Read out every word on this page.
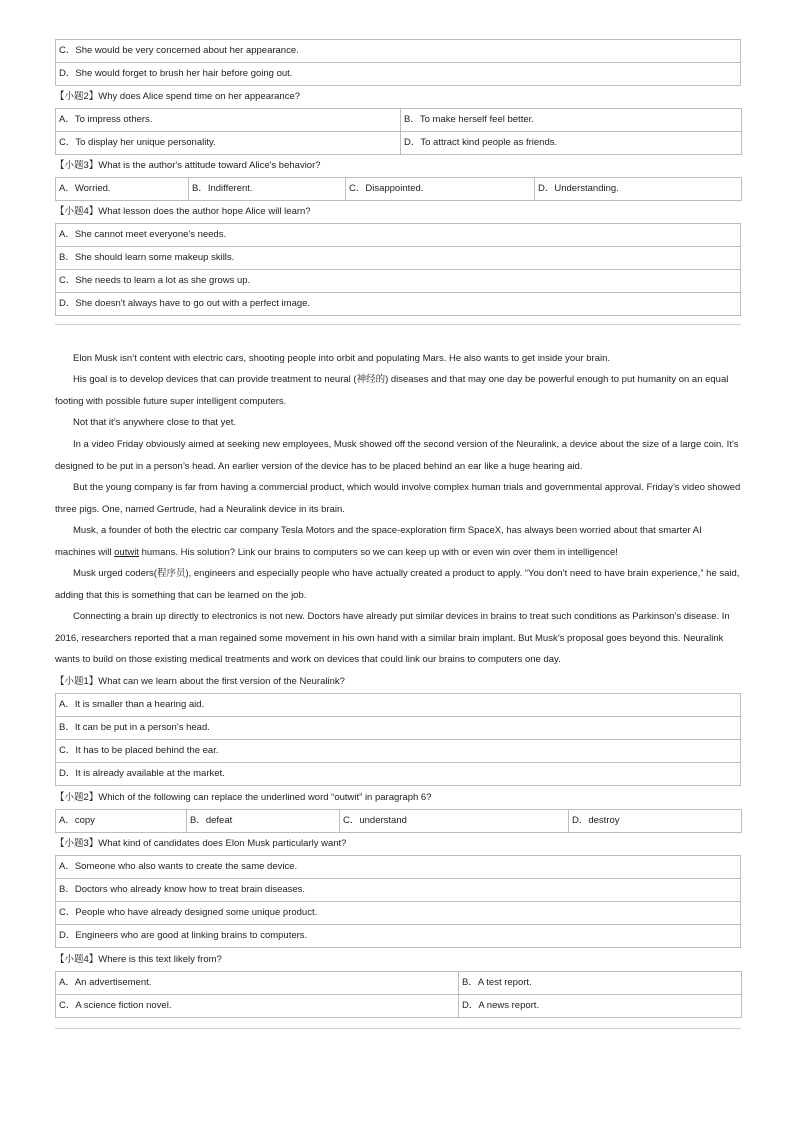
C．She would be very concerned about her appearance.
D．She would forget to brush her hair before going out.
【小题2】Why does Alice spend time on her appearance?
A．To impress others.	B．To make herself feel better.
C．To display her unique personality.	D．To attract kind people as friends.
【小题3】What is the author's attitude toward Alice's behavior?
A．Worried.	B．Indifferent.	C．Disappointed.	D．Understanding.
【小题4】What lesson does the author hope Alice will learn?
A．She cannot meet everyone's needs.
B．She should learn some makeup skills.
C．She needs to learn a lot as she grows up.
D．She doesn't always have to go out with a perfect image.

Elon Musk isn’t content with electric cars, shooting people into orbit and populating Mars. He also wants to get inside your brain.

His goal is to develop devices that can provide treatment to neural (神经的) diseases and that may one day be powerful enough to put humanity on an equal footing with possible future super intelligent computers.

Not that it’s anywhere close to that yet.

In a video Friday obviously aimed at seeking new employees, Musk showed off the second version of the Neuralink, a device about the size of a large coin. It’s designed to be put in a person’s head. An earlier version of the device has to be placed behind an ear like a huge hearing aid.

But the young company is far from having a commercial product, which would involve complex human trials and governmental approval. Friday’s video showed three pigs. One, named Gertrude, had a Neuralink device in its brain.

Musk, a founder of both the electric car company Tesla Motors and the space-exploration firm SpaceX, has always been worried about that smarter AI machines will outwit humans. His solution? Link our brains to computers so we can keep up with or even win over them in intelligence!

Musk urged coders(程序员), engineers and especially people who have actually created a product to apply. “You don’t need to have brain experience,” he said, adding that this is something that can be learned on the job.

Connecting a brain up directly to electronics is not new. Doctors have already put similar devices in brains to treat such conditions as Parkinson’s disease. In 2016, researchers reported that a man regained some movement in his own hand with a similar brain implant. But Musk’s proposal goes beyond this. Neuralink wants to build on those existing medical treatments and work on devices that could link our brains to computers one day.

【小题1】What can we learn about the first version of the Neuralink?
A．It is smaller than a hearing aid.
B．It can be put in a person’s head.
C．It has to be placed behind the ear.
D．It is already available at the market.
【小题2】Which of the following can replace the underlined word “outwit” in paragraph 6?
A．copy	B．defeat	C．understand	D．destroy
【小题3】What kind of candidates does Elon Musk particularly want?
A．Someone who also wants to create the same device.
B．Doctors who already know how to treat brain diseases.
C．People who have already designed some unique product.
D．Engineers who are good at linking brains to computers.
【小题4】Where is this text likely from?
A．An advertisement.	B．A test report.
C．A science fiction novel.	D．A news report.
